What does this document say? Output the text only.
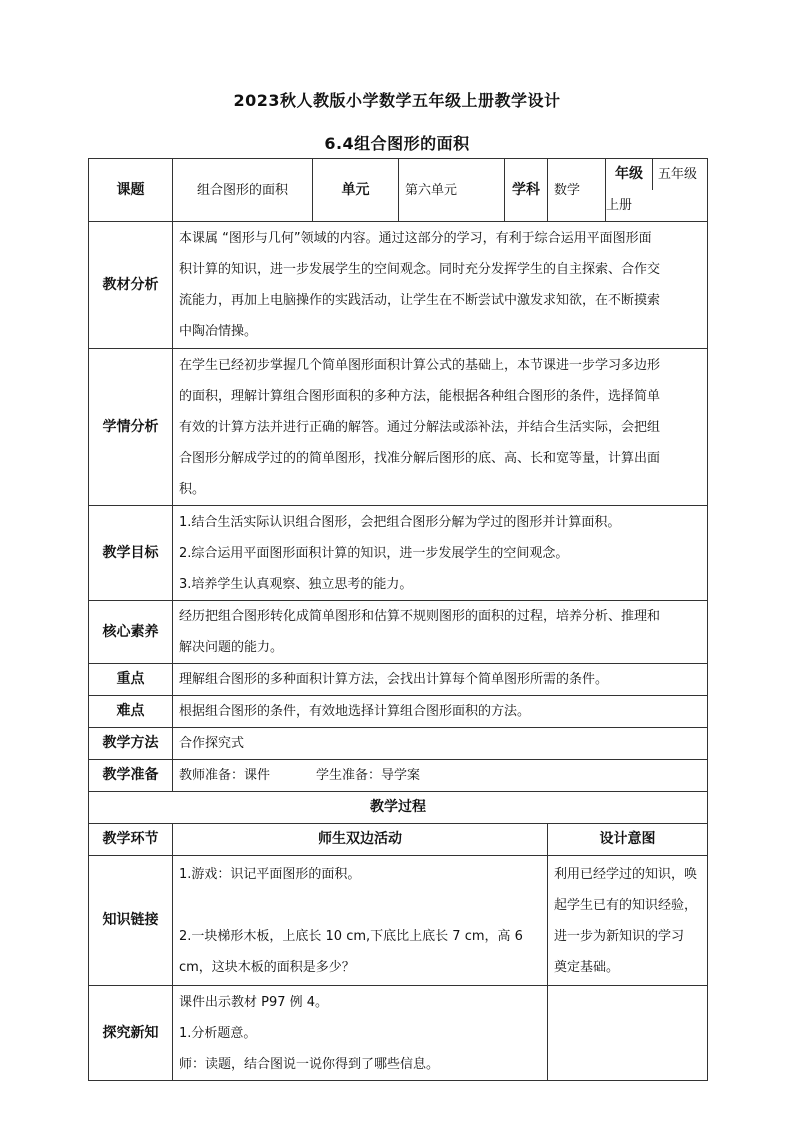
2023秋人教版小学数学五年级上册教学设计
6.4组合图形的面积
课题	组合图形的面积	单元	第六单元	学科	数学	年级 五年级上册
教材分析	本课属 “图形与几何”领域的内容。通过这部分的学习，有利于综合运用平面图形面
积计算的知识，进一步发展学生的空间观念。同时充分发挥学生的自主探索、合作交
流能力，再加上电脑操作的实践活动，让学生在不断尝试中激发求知欲，在不断摸索
中陶冶情操。					

学情分析	在学生已经初步掌握几个简单图形面积计算公式的基础上，本节课进一步学习多边形
的面积，理解计算组合图形面积的多种方法，能根据各种组合图形的条件，选择简单
有效的计算方法并进行正确的解答。通过分解法或添补法，并结合生活实际，会把组
合图形分解成学过的的简单图形，找准分解后图形的底、高、长和宽等量，计算出面
积。					

教学目标	1.结合生活实际认识组合图形，会把组合图形分解为学过的图形并计算面积。
2.综合运用平面图形面积计算的知识，进一步发展学生的空间观念。
3.培养学生认真观察、独立思考的能力。					

核心素养	经历把组合图形转化成简单图形和估算不规则图形的面积的过程，培养分析、推理和
解决问题的能力。					

重点	理解组合图形的多种面积计算方法，会找出计算每个简单图形所需的条件。					
难点	根据组合图形的条件，有效地选择计算组合图形面积的方法。					
教学方法	合作探究式					
教学准备	教师准备：课件 学生准备：导学案					
教学过程						
教学环节	师生双边活动				设计意图	
知识链接	1.游戏：识记平面图形的面积。
2.一块梯形木板，上底长 10 cm,下底比上底长 7 cm，高 6
cm，这块木板的面积是多少？				利用已经学过的知识，唤
起学生已有的知识经验，
进一步为新知识的学习
奠定基础。	

探究新知	课件出示教材 P97 例 4。
1.分析题意。
师：读题，结合图说一说你得到了哪些信息。					
